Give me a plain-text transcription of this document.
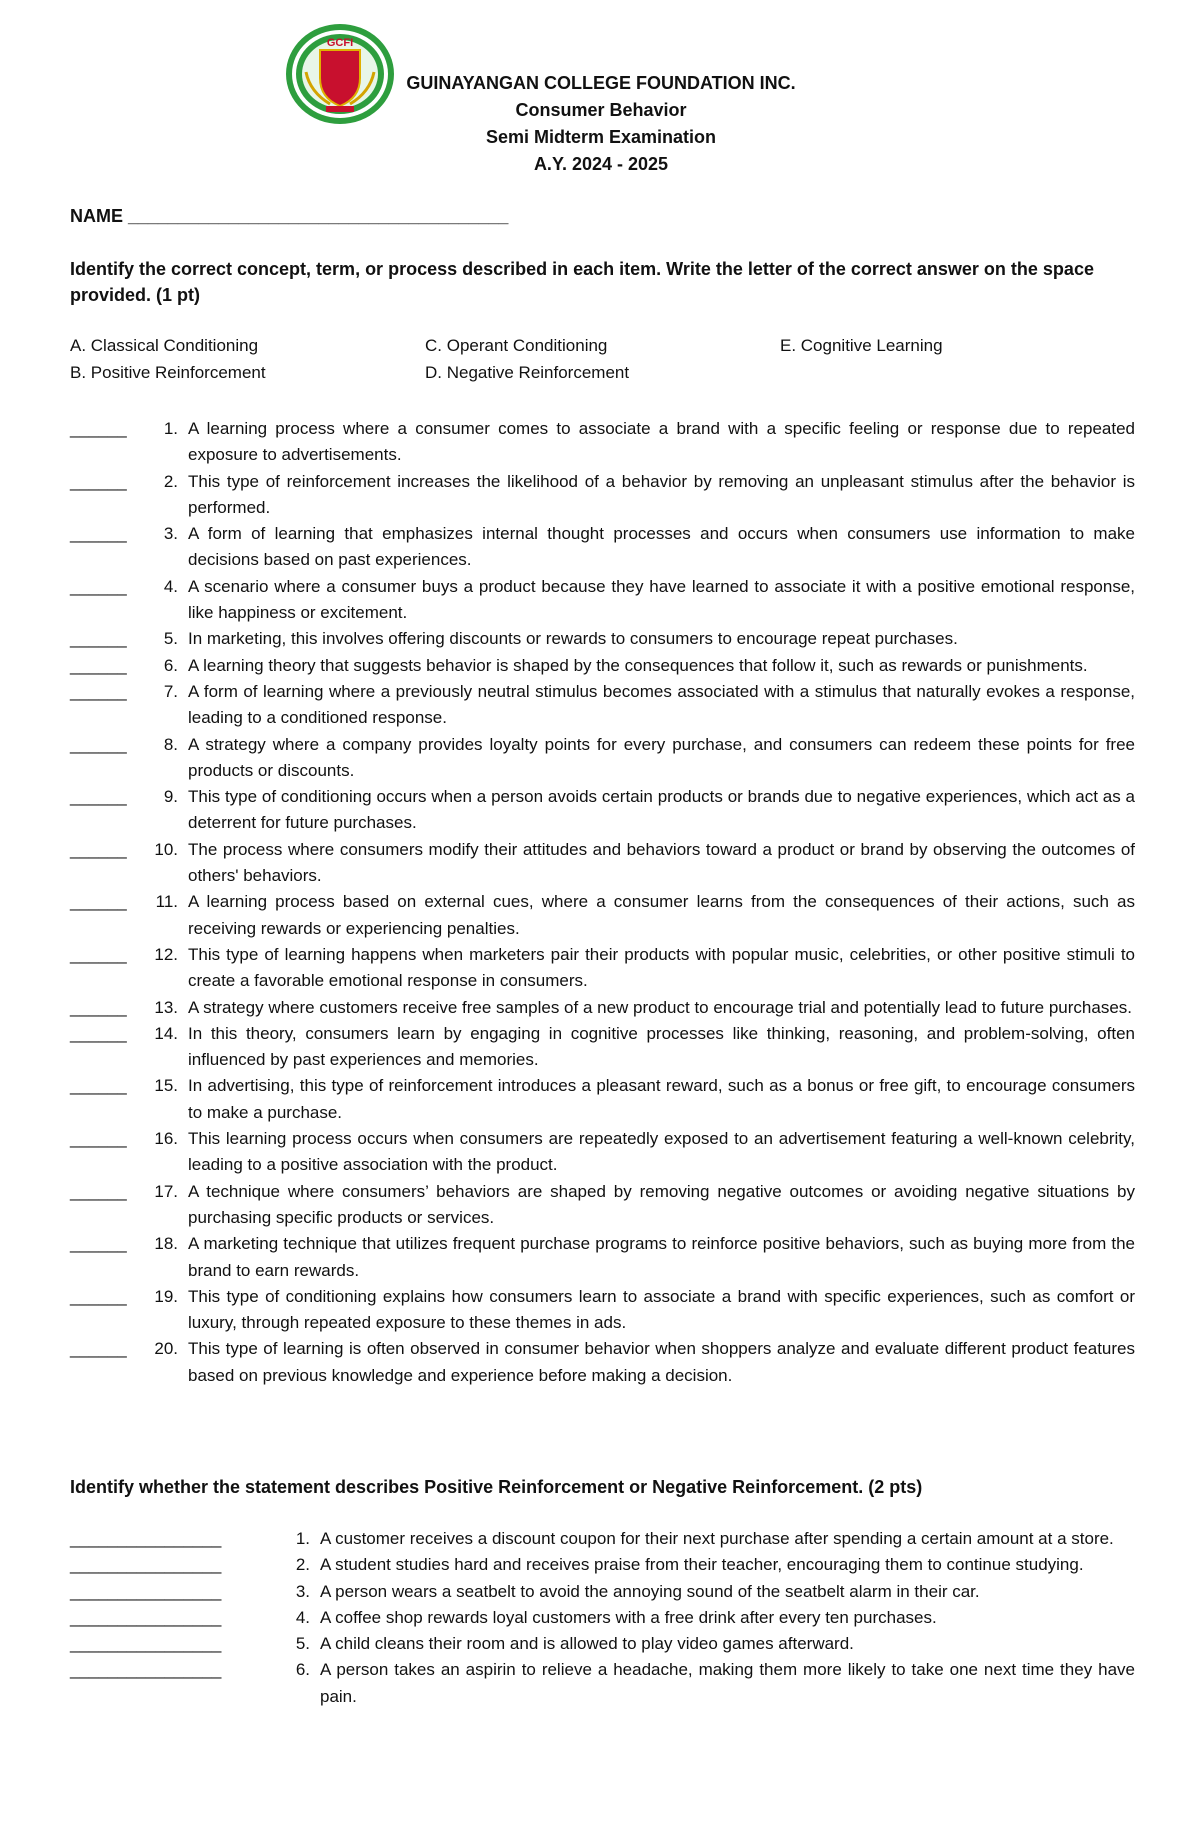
GCFI
GUINAYANGAN COLLEGE FOUNDATION INC.
Consumer Behavior
Semi Midterm Examination
A.Y. 2024 - 2025
NAME ______________________________________
Identify the correct concept, term, or process described in each item. Write the letter of the correct answer on the space provided. (1 pt)
A. Classical Conditioning	C. Operant Conditioning	E. Cognitive Learning
B. Positive Reinforcement	D. Negative Reinforcement
______	1. A learning process where a consumer comes to associate a brand with a specific feeling or response due to repeated exposure to advertisements.
______	2. This type of reinforcement increases the likelihood of a behavior by removing an unpleasant stimulus after the behavior is performed.
______	3. A form of learning that emphasizes internal thought processes and occurs when consumers use information to make decisions based on past experiences.
______	4. A scenario where a consumer buys a product because they have learned to associate it with a positive emotional response, like happiness or excitement.
______	5. In marketing, this involves offering discounts or rewards to consumers to encourage repeat purchases.
______	6. A learning theory that suggests behavior is shaped by the consequences that follow it, such as rewards or punishments.
______	7. A form of learning where a previously neutral stimulus becomes associated with a stimulus that naturally evokes a response, leading to a conditioned response.
______	8. A strategy where a company provides loyalty points for every purchase, and consumers can redeem these points for free products or discounts.
______	9. This type of conditioning occurs when a person avoids certain products or brands due to negative experiences, which act as a deterrent for future purchases.
______	10. The process where consumers modify their attitudes and behaviors toward a product or brand by observing the outcomes of others' behaviors.
______	11. A learning process based on external cues, where a consumer learns from the consequences of their actions, such as receiving rewards or experiencing penalties.
______	12. This type of learning happens when marketers pair their products with popular music, celebrities, or other positive stimuli to create a favorable emotional response in consumers.
______	13. A strategy where customers receive free samples of a new product to encourage trial and potentially lead to future purchases.
______	14. In this theory, consumers learn by engaging in cognitive processes like thinking, reasoning, and problem-solving, often influenced by past experiences and memories.
______	15. In advertising, this type of reinforcement introduces a pleasant reward, such as a bonus or free gift, to encourage consumers to make a purchase.
______	16. This learning process occurs when consumers are repeatedly exposed to an advertisement featuring a well-known celebrity, leading to a positive association with the product.
______	17. A technique where consumers’ behaviors are shaped by removing negative outcomes or avoiding negative situations by purchasing specific products or services.
______	18. A marketing technique that utilizes frequent purchase programs to reinforce positive behaviors, such as buying more from the brand to earn rewards.
______	19. This type of conditioning explains how consumers learn to associate a brand with specific experiences, such as comfort or luxury, through repeated exposure to these themes in ads.
______	20. This type of learning is often observed in consumer behavior when shoppers analyze and evaluate different product features based on previous knowledge and experience before making a decision.
Identify whether the statement describes Positive Reinforcement or Negative Reinforcement. (2 pts)
________________	1. A customer receives a discount coupon for their next purchase after spending a certain amount at a store.
________________	2. A student studies hard and receives praise from their teacher, encouraging them to continue studying.
________________	3. A person wears a seatbelt to avoid the annoying sound of the seatbelt alarm in their car.
________________	4. A coffee shop rewards loyal customers with a free drink after every ten purchases.
________________	5. A child cleans their room and is allowed to play video games afterward.
________________	6. A person takes an aspirin to relieve a headache, making them more likely to take one next time they have pain.
